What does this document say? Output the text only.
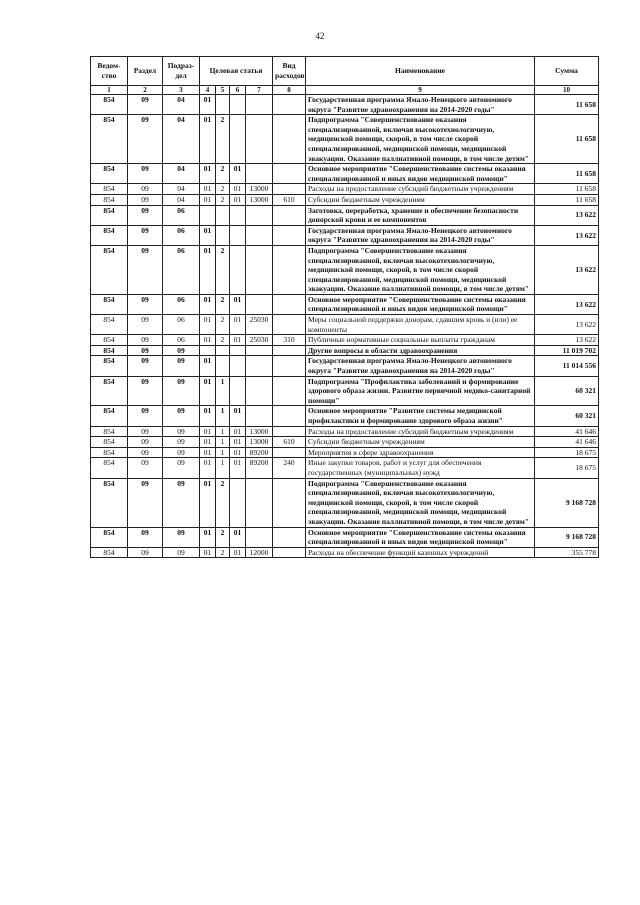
42
Ведом-ство	Раздел	Подраз-дел	Целевая статья				Вид расходов	Наименование	Сумма
1	2	3	4	5	6	7	8	9	10
854	09	04	01					Государственная программа Ямало-Ненецкого автономного округа "Развитие здравоохранения на 2014-2020 годы"	11 658
854	09	04	01	2				Подпрограмма "Совершенствование оказания специализированной, включая высокотехнологичную, медицинской помощи, скорой, в том числе скорой специализированной, медицинской помощи, медицинской эвакуации. Оказание паллиативной помощи, в том числе детям"	11 658
854	09	04	01	2	01			Основное мероприятие "Совершенствование системы оказания специализированной и иных видов медицинской помощи"	11 658
854	09	04	01	2	01	13000		Расходы на предоставление субсидий бюджетным учреждениям	11 658
854	09	04	01	2	01	13000	610	Субсидии бюджетным учреждениям	11 658
854	09	06						Заготовка, переработка, хранение и обеспечение безопасности донорской крови и ее компонентов	13 622
854	09	06	01					Государственная программа Ямало-Ненецкого автономного округа "Развитие здравоохранения на 2014-2020 годы"	13 622
854	09	06	01	2				Подпрограмма "Совершенствование оказания специализированной, включая высокотехнологичную, медицинской помощи, скорой, в том числе скорой специализированной, медицинской помощи, медицинской эвакуации. Оказание паллиативной помощи, в том числе детям"	13 622
854	09	06	01	2	01			Основное мероприятие "Совершенствование системы оказания специализированной и иных видов медицинской помощи"	13 622
854	09	06	01	2	01	25030		Меры социальной поддержки донорам, сдавшим кровь и (или) ее компоненты	13 622
854	09	06	01	2	01	25030	310	Публичные нормативные социальные выплаты гражданам	13 622
854	09	09						Другие вопросы в области здравоохранения	11 019 702
854	09	09	01					Государственная программа Ямало-Ненецкого автономного округа "Развитие здравоохранения на 2014-2020 годы"	11 014 556
854	09	09	01	1				Подпрограмма "Профилактика заболеваний и формирование здорового образа жизни. Развитие первичной медико-санитарной помощи"	60 321
854	09	09	01	1	01			Основное мероприятие "Развитие системы медицинской профилактики и формирование здорового образа жизни"	60 321
854	09	09	01	1	01	13000		Расходы на предоставление субсидий бюджетным учреждениям	41 646
854	09	09	01	1	01	13000	610	Субсидии бюджетным учреждениям	41 646
854	09	09	01	1	01	89200		Мероприятия в сфере здравоохранения	18 675
854	09	09	01	1	01	89200	240	Иные закупки товаров, работ и услуг для обеспечения государственных (муниципальных) нужд	18 675
854	09	09	01	2				Подпрограмма "Совершенствование оказания специализированной, включая высокотехнологичную, медицинской помощи, скорой, в том числе скорой специализированной, медицинской помощи, медицинской эвакуации. Оказание паллиативной помощи, в том числе детям"	9 168 728
854	09	09	01	2	01			Основное мероприятие "Совершенствование системы оказания специализированной и иных видов медицинской помощи"	9 168 728
854	09	09	01	2	01	12000		Расходы на обеспечение функций казенных учреждений	355 778
